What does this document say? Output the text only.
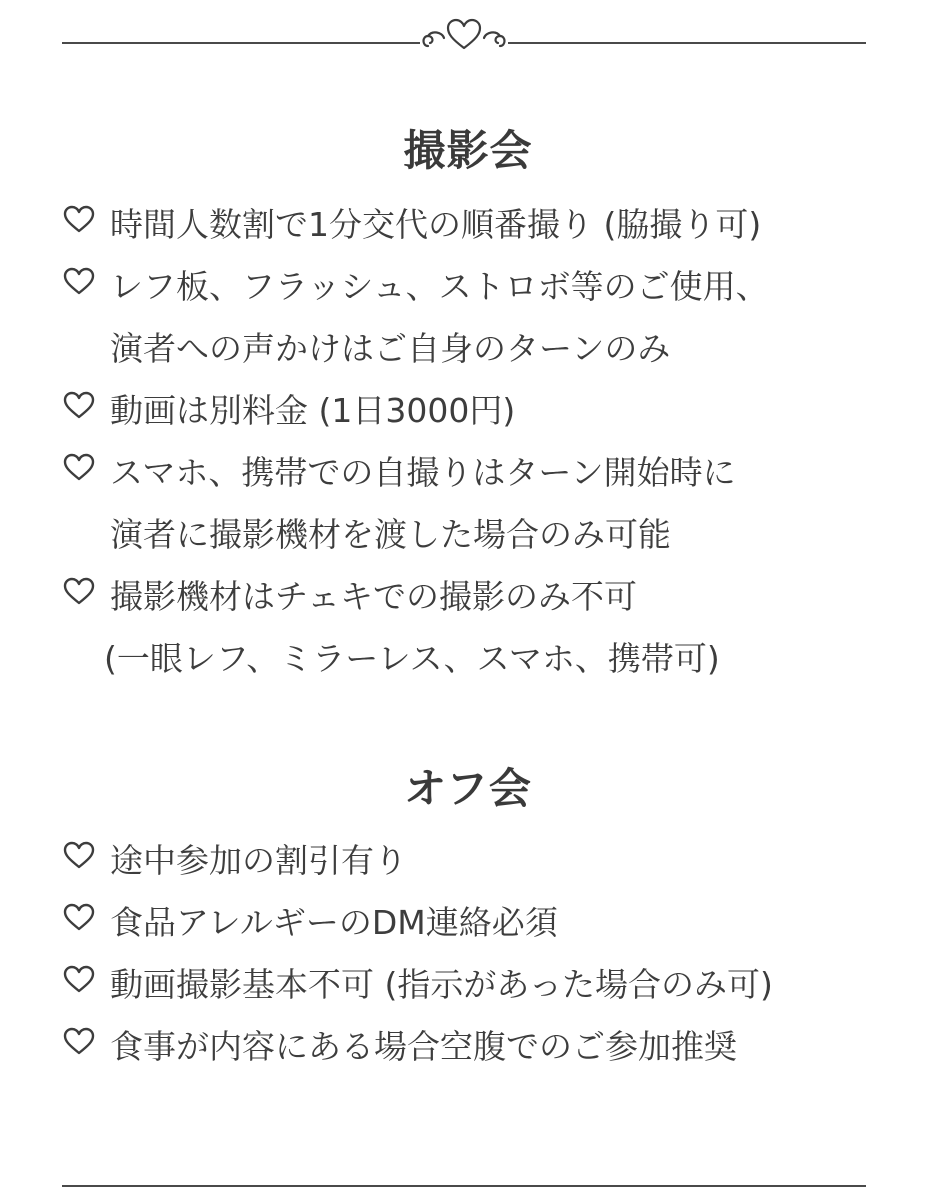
撮影会
時間人数割で1分交代の順番撮り (脇撮り可)
レフ板、フラッシュ、ストロボ等のご使用、
演者への声かけはご自身のターンのみ
動画は別料金 (1日3000円)
スマホ、携帯での自撮りはターン開始時に
演者に撮影機材を渡した場合のみ可能
撮影機材はチェキでの撮影のみ不可
(一眼レフ、ミラーレス、スマホ、携帯可)
オフ会
途中参加の割引有り
食品アレルギーのDM連絡必須
動画撮影基本不可 (指示があった場合のみ可)
食事が内容にある場合空腹でのご参加推奨
